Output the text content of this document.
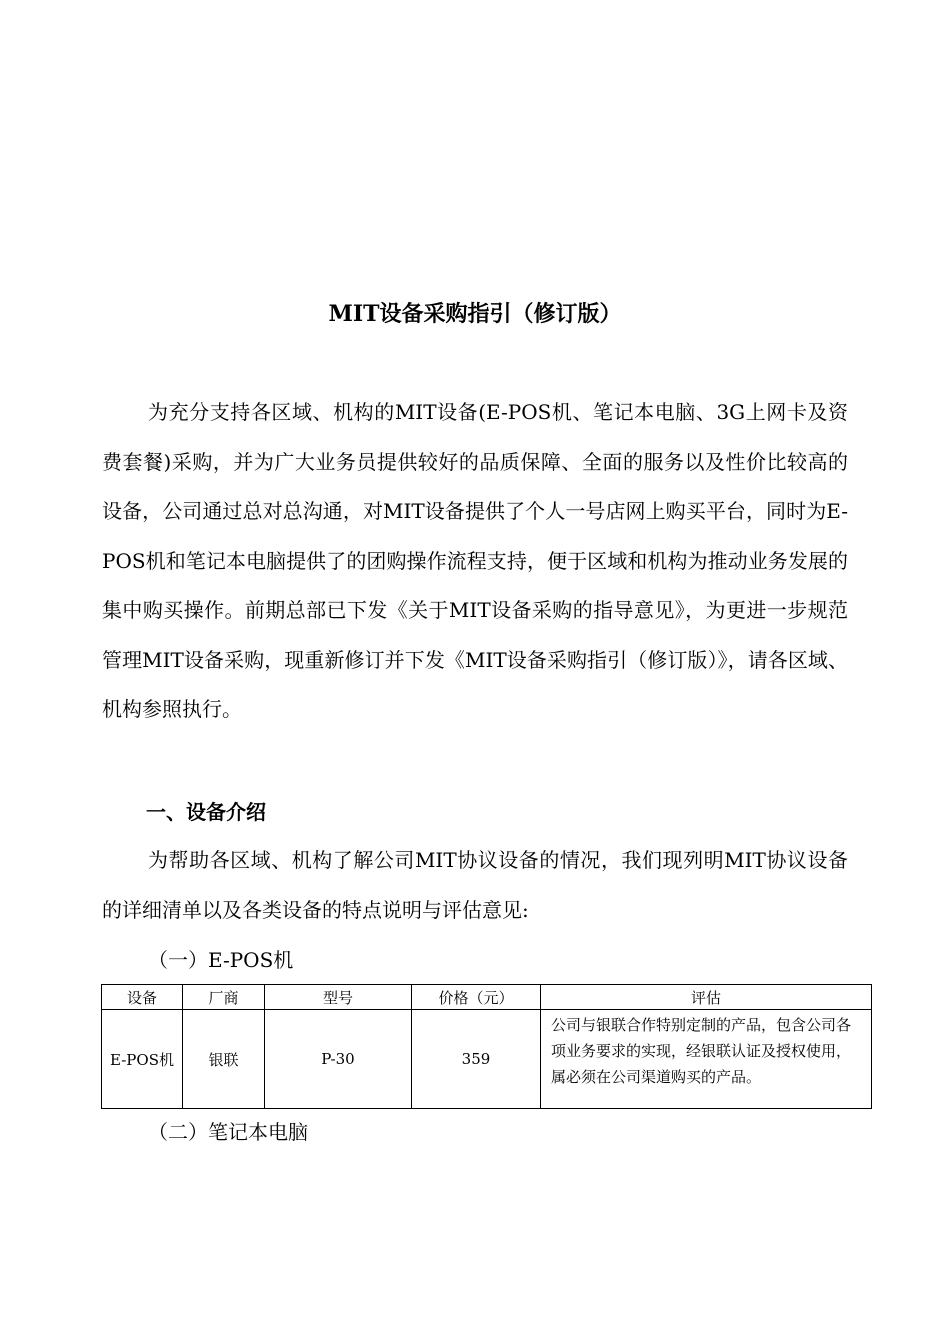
MIT设备采购指引（修订版）

为充分支持各区域、机构的MIT设备(E-POS机、笔记本电脑、3G上网卡及资费套餐)采购，并为广大业务员提供较好的品质保障、全面的服务以及性价比较高的设备，公司通过总对总沟通，对MIT设备提供了个人一号店网上购买平台，同时为E-POS机和笔记本电脑提供了的团购操作流程支持，便于区域和机构为推动业务发展的集中购买操作。前期总部已下发《关于MIT设备采购的指导意见》，为更进一步规范管理MIT设备采购，现重新修订并下发《MIT设备采购指引（修订版）》，请各区域、机构参照执行。

一、设备介绍

为帮助各区域、机构了解公司MIT协议设备的情况，我们现列明MIT协议设备的详细清单以及各类设备的特点说明与评估意见:

（一）E-POS机
设备	厂商	型号	价格（元）	评估
E-POS机	银联	P-30	359	公司与银联合作特别定制的产品，包含公司各项业务要求的实现，经银联认证及授权使用，属必须在公司渠道购买的产品。
（二）笔记本电脑
